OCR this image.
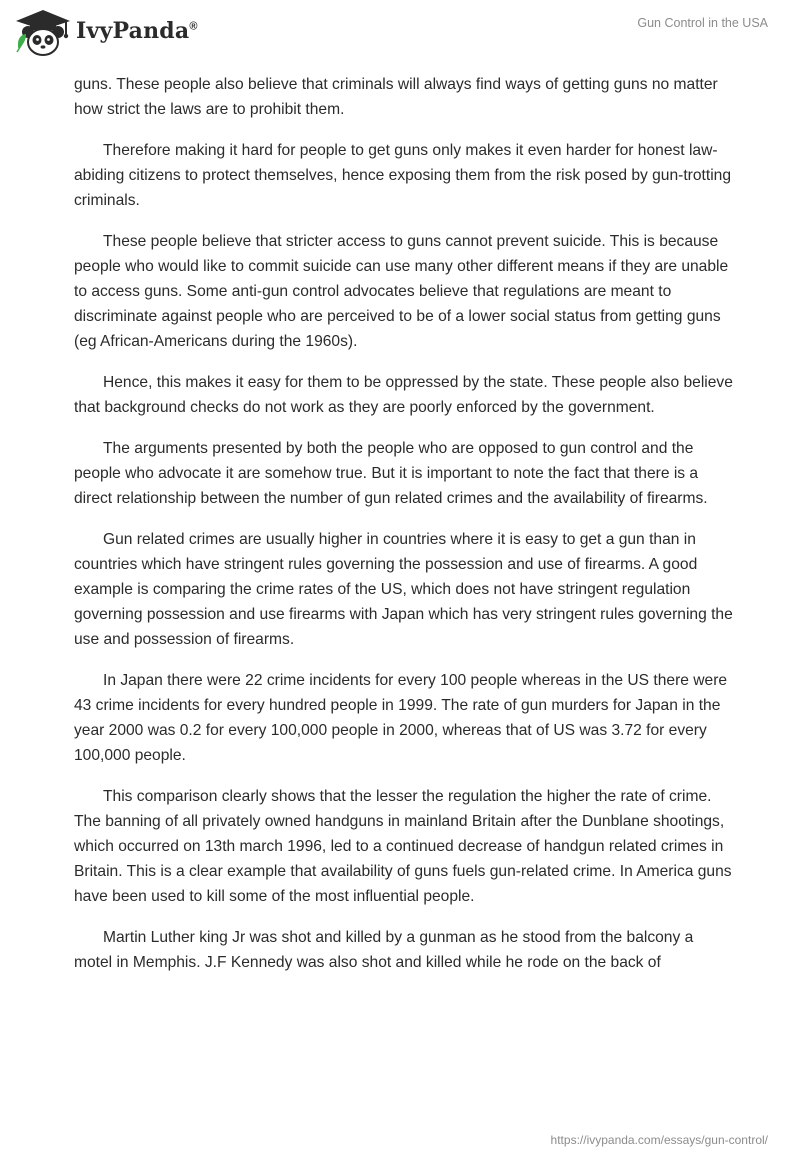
IvyPanda®	Gun Control in the USA

guns. These people also believe that criminals will always find ways of getting guns no matter how strict the laws are to prohibit them.

Therefore making it hard for people to get guns only makes it even harder for honest law-abiding citizens to protect themselves, hence exposing them from the risk posed by gun-trotting criminals.

These people believe that stricter access to guns cannot prevent suicide. This is because people who would like to commit suicide can use many other different means if they are unable to access guns. Some anti-gun control advocates believe that regulations are meant to discriminate against people who are perceived to be of a lower social status from getting guns (eg African-Americans during the 1960s).

Hence, this makes it easy for them to be oppressed by the state. These people also believe that background checks do not work as they are poorly enforced by the government.

The arguments presented by both the people who are opposed to gun control and the people who advocate it are somehow true. But it is important to note the fact that there is a direct relationship between the number of gun related crimes and the availability of firearms.

Gun related crimes are usually higher in countries where it is easy to get a gun than in countries which have stringent rules governing the possession and use of firearms. A good example is comparing the crime rates of the US, which does not have stringent regulation governing possession and use firearms with Japan which has very stringent rules governing the use and possession of firearms.

In Japan there were 22 crime incidents for every 100 people whereas in the US there were 43 crime incidents for every hundred people in 1999. The rate of gun murders for Japan in the year 2000 was 0.2 for every 100,000 people in 2000, whereas that of US was 3.72 for every 100,000 people.

This comparison clearly shows that the lesser the regulation the higher the rate of crime. The banning of all privately owned handguns in mainland Britain after the Dunblane shootings, which occurred on 13th march 1996, led to a continued decrease of handgun related crimes in Britain. This is a clear example that availability of guns fuels gun-related crime. In America guns have been used to kill some of the most influential people.

Martin Luther king Jr was shot and killed by a gunman as he stood from the balcony a motel in Memphis. J.F Kennedy was also shot and killed while he rode on the back of

https://ivypanda.com/essays/gun-control/
